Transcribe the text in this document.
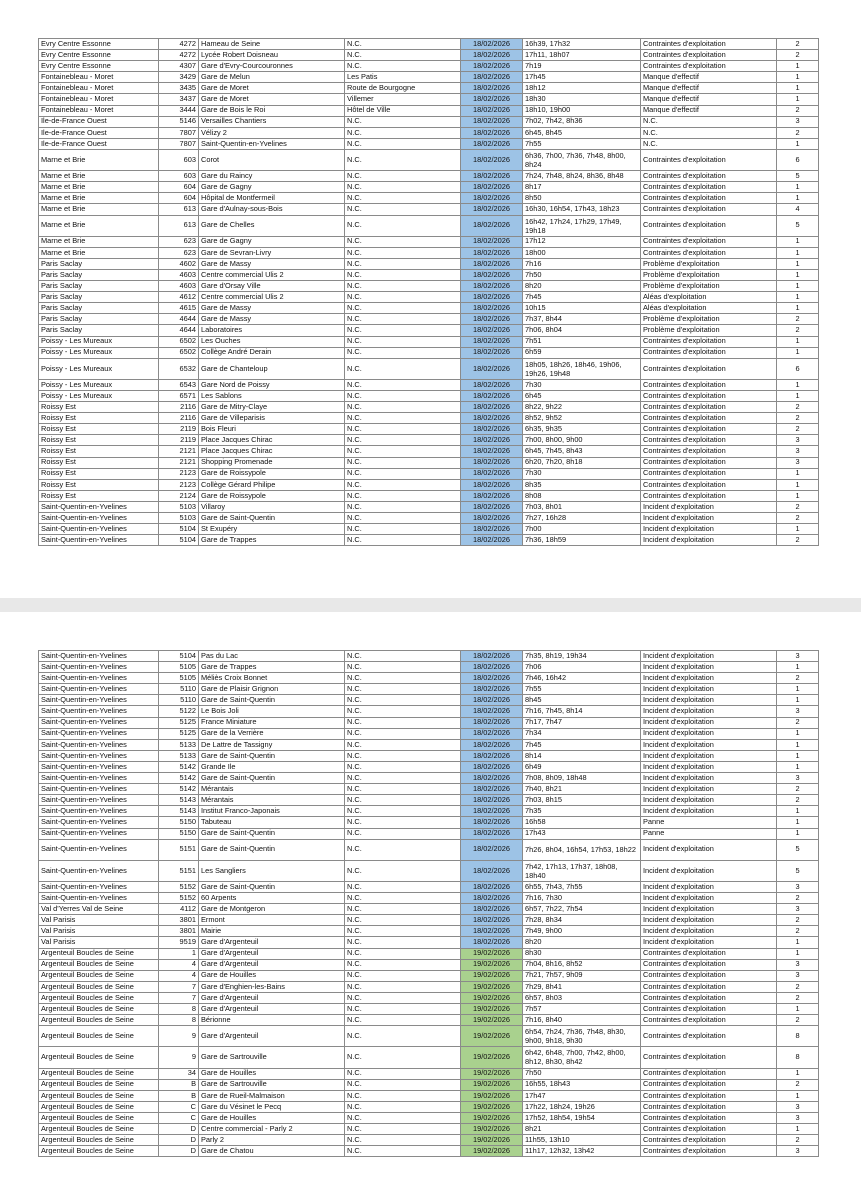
Evry Centre Essonne	4272	Hameau de Seine	N.C.	18/02/2026	16h39, 17h32	Contraintes d'exploitation	2
Evry Centre Essonne	4272	Lycée Robert Doisneau	N.C.	18/02/2026	17h11, 18h07	Contraintes d'exploitation	2
Evry Centre Essonne	4307	Gare d'Evry-Courcouronnes	N.C.	18/02/2026	7h19	Contraintes d'exploitation	1
Fontainebleau - Moret	3429	Gare de Melun	Les Patis	18/02/2026	17h45	Manque d'effectif	1
Fontainebleau - Moret	3435	Gare de Moret	Route de Bourgogne	18/02/2026	18h12	Manque d'effectif	1
Fontainebleau - Moret	3437	Gare de Moret	Villemer	18/02/2026	18h30	Manque d'effectif	1
Fontainebleau - Moret	3444	Gare de Bois le Roi	Hôtel de Ville	18/02/2026	18h10, 19h00	Manque d'effectif	2
Ile-de-France Ouest	5146	Versailles Chantiers	N.C.	18/02/2026	7h02, 7h42, 8h36	N.C.	3
Ile-de-France Ouest	7807	Vélizy 2	N.C.	18/02/2026	6h45, 8h45	N.C.	2
Ile-de-France Ouest	7807	Saint-Quentin-en-Yvelines	N.C.	18/02/2026	7h55	N.C.	1
Marne et Brie	603	Corot	N.C.	18/02/2026	6h36, 7h00, 7h36, 7h48, 8h00, 8h24	Contraintes d'exploitation	6
Marne et Brie	603	Gare du Raincy	N.C.	18/02/2026	7h24, 7h48, 8h24, 8h36, 8h48	Contraintes d'exploitation	5
Marne et Brie	604	Gare de Gagny	N.C.	18/02/2026	8h17	Contraintes d'exploitation	1
Marne et Brie	604	Hôpital de Montfermeil	N.C.	18/02/2026	8h50	Contraintes d'exploitation	1
Marne et Brie	613	Gare d'Aulnay-sous-Bois	N.C.	18/02/2026	16h30, 16h54, 17h43, 18h23	Contraintes d'exploitation	4
Marne et Brie	613	Gare de Chelles	N.C.	18/02/2026	16h42, 17h24, 17h29, 17h49, 19h18	Contraintes d'exploitation	5
Marne et Brie	623	Gare de Gagny	N.C.	18/02/2026	17h12	Contraintes d'exploitation	1
Marne et Brie	623	Gare de Sevran-Livry	N.C.	18/02/2026	18h00	Contraintes d'exploitation	1
Paris Saclay	4602	Gare de Massy	N.C.	18/02/2026	7h16	Problème d'exploitation	1
Paris Saclay	4603	Centre commercial Ulis 2	N.C.	18/02/2026	7h50	Problème d'exploitation	1
Paris Saclay	4603	Gare d'Orsay Ville	N.C.	18/02/2026	8h20	Problème d'exploitation	1
Paris Saclay	4612	Centre commercial Ulis 2	N.C.	18/02/2026	7h45	Aléas d'exploitation	1
Paris Saclay	4615	Gare de Massy	N.C.	18/02/2026	10h15	Aléas d'exploitation	1
Paris Saclay	4644	Gare de Massy	N.C.	18/02/2026	7h37, 8h44	Problème d'exploitation	2
Paris Saclay	4644	Laboratoires	N.C.	18/02/2026	7h06, 8h04	Problème d'exploitation	2
Poissy - Les Mureaux	6502	Les Ouches	N.C.	18/02/2026	7h51	Contraintes d'exploitation	1
Poissy - Les Mureaux	6502	Collège André Derain	N.C.	18/02/2026	6h59	Contraintes d'exploitation	1
Poissy - Les Mureaux	6532	Gare de Chanteloup	N.C.	18/02/2026	18h05, 18h26, 18h46, 19h06, 19h26, 19h48	Contraintes d'exploitation	6
Poissy - Les Mureaux	6543	Gare Nord de Poissy	N.C.	18/02/2026	7h30	Contraintes d'exploitation	1
Poissy - Les Mureaux	6571	Les Sablons	N.C.	18/02/2026	6h45	Contraintes d'exploitation	1
Roissy Est	2116	Gare de Mitry-Claye	N.C.	18/02/2026	8h22, 9h22	Contraintes d'exploitation	2
Roissy Est	2116	Gare de Villeparisis	N.C.	18/02/2026	8h52, 9h52	Contraintes d'exploitation	2
Roissy Est	2119	Bois Fleuri	N.C.	18/02/2026	6h35, 9h35	Contraintes d'exploitation	2
Roissy Est	2119	Place Jacques Chirac	N.C.	18/02/2026	7h00, 8h00, 9h00	Contraintes d'exploitation	3
Roissy Est	2121	Place Jacques Chirac	N.C.	18/02/2026	6h45, 7h45, 8h43	Contraintes d'exploitation	3
Roissy Est	2121	Shopping Promenade	N.C.	18/02/2026	6h20, 7h20, 8h18	Contraintes d'exploitation	3
Roissy Est	2123	Gare de Roissypole	N.C.	18/02/2026	7h30	Contraintes d'exploitation	1
Roissy Est	2123	Collège Gérard Philipe	N.C.	18/02/2026	8h35	Contraintes d'exploitation	1
Roissy Est	2124	Gare de Roissypole	N.C.	18/02/2026	8h08	Contraintes d'exploitation	1
Saint-Quentin-en-Yvelines	5103	Villaroy	N.C.	18/02/2026	7h03, 8h01	Incident d'exploitation	2
Saint-Quentin-en-Yvelines	5103	Gare de Saint-Quentin	N.C.	18/02/2026	7h27, 16h28	Incident d'exploitation	2
Saint-Quentin-en-Yvelines	5104	St Exupéry	N.C.	18/02/2026	7h00	Incident d'exploitation	1
Saint-Quentin-en-Yvelines	5104	Gare de Trappes	N.C.	18/02/2026	7h36, 18h59	Incident d'exploitation	2
Saint-Quentin-en-Yvelines	5104	Pas du Lac	N.C.	18/02/2026	7h35, 8h19, 19h34	Incident d'exploitation	3
Saint-Quentin-en-Yvelines	5105	Gare de Trappes	N.C.	18/02/2026	7h06	Incident d'exploitation	1
Saint-Quentin-en-Yvelines	5105	Méliès Croix Bonnet	N.C.	18/02/2026	7h46, 16h42	Incident d'exploitation	2
Saint-Quentin-en-Yvelines	5110	Gare de Plaisir Grignon	N.C.	18/02/2026	7h55	Incident d'exploitation	1
Saint-Quentin-en-Yvelines	5110	Gare de Saint-Quentin	N.C.	18/02/2026	8h45	Incident d'exploitation	1
Saint-Quentin-en-Yvelines	5122	Le Bois Joli	N.C.	18/02/2026	7h16, 7h45, 8h14	Incident d'exploitation	3
Saint-Quentin-en-Yvelines	5125	France Miniature	N.C.	18/02/2026	7h17, 7h47	Incident d'exploitation	2
Saint-Quentin-en-Yvelines	5125	Gare de la Verrière	N.C.	18/02/2026	7h34	Incident d'exploitation	1
Saint-Quentin-en-Yvelines	5133	De Lattre de Tassigny	N.C.	18/02/2026	7h45	Incident d'exploitation	1
Saint-Quentin-en-Yvelines	5133	Gare de Saint-Quentin	N.C.	18/02/2026	8h14	Incident d'exploitation	1
Saint-Quentin-en-Yvelines	5142	Grande Ile	N.C.	18/02/2026	6h49	Incident d'exploitation	1
Saint-Quentin-en-Yvelines	5142	Gare de Saint-Quentin	N.C.	18/02/2026	7h08, 8h09, 18h48	Incident d'exploitation	3
Saint-Quentin-en-Yvelines	5142	Mérantais	N.C.	18/02/2026	7h40, 8h21	Incident d'exploitation	2
Saint-Quentin-en-Yvelines	5143	Mérantais	N.C.	18/02/2026	7h03, 8h15	Incident d'exploitation	2
Saint-Quentin-en-Yvelines	5143	Institut Franco-Japonais	N.C.	18/02/2026	7h35	Incident d'exploitation	1
Saint-Quentin-en-Yvelines	5150	Tabuteau	N.C.	18/02/2026	16h58	Panne	1
Saint-Quentin-en-Yvelines	5150	Gare de Saint-Quentin	N.C.	18/02/2026	17h43	Panne	1
Saint-Quentin-en-Yvelines	5151	Gare de Saint-Quentin	N.C.	18/02/2026	7h26, 8h04, 16h54, 17h53, 18h22	Incident d'exploitation	5
Saint-Quentin-en-Yvelines	5151	Les Sangliers	N.C.	18/02/2026	7h42, 17h13, 17h37, 18h08, 18h40	Incident d'exploitation	5
Saint-Quentin-en-Yvelines	5152	Gare de Saint-Quentin	N.C.	18/02/2026	6h55, 7h43, 7h55	Incident d'exploitation	3
Saint-Quentin-en-Yvelines	5152	60 Arpents	N.C.	18/02/2026	7h16, 7h30	Incident d'exploitation	2
Val d'Yerres Val de Seine	4112	Gare de Montgeron	N.C.	18/02/2026	6h57, 7h22, 7h54	Incident d'exploitation	3
Val Parisis	3801	Ermont	N.C.	18/02/2026	7h28, 8h34	Incident d'exploitation	2
Val Parisis	3801	Mairie	N.C.	18/02/2026	7h49, 9h00	Incident d'exploitation	2
Val Parisis	9519	Gare d'Argenteuil	N.C.	18/02/2026	8h20	Incident d'exploitation	1
Argenteuil Boucles de Seine	1	Gare d'Argenteuil	N.C.	19/02/2026	8h30	Contraintes d'exploitation	1
Argenteuil Boucles de Seine	4	Gare d'Argenteuil	N.C.	19/02/2026	7h04, 8h16, 8h52	Contraintes d'exploitation	3
Argenteuil Boucles de Seine	4	Gare de Houilles	N.C.	19/02/2026	7h21, 7h57, 9h09	Contraintes d'exploitation	3
Argenteuil Boucles de Seine	7	Gare d'Enghien-les-Bains	N.C.	19/02/2026	7h29, 8h41	Contraintes d'exploitation	2
Argenteuil Boucles de Seine	7	Gare d'Argenteuil	N.C.	19/02/2026	6h57, 8h03	Contraintes d'exploitation	2
Argenteuil Boucles de Seine	8	Gare d'Argenteuil	N.C.	19/02/2026	7h57	Contraintes d'exploitation	1
Argenteuil Boucles de Seine	8	Bérionne	N.C.	19/02/2026	7h16, 8h40	Contraintes d'exploitation	2
Argenteuil Boucles de Seine	9	Gare d'Argenteuil	N.C.	19/02/2026	6h54, 7h24, 7h36, 7h48, 8h30, 9h00, 9h18, 9h30	Contraintes d'exploitation	8
Argenteuil Boucles de Seine	9	Gare de Sartrouville	N.C.	19/02/2026	6h42, 6h48, 7h00, 7h42, 8h00, 8h12, 8h30, 8h42	Contraintes d'exploitation	8
Argenteuil Boucles de Seine	34	Gare de Houilles	N.C.	19/02/2026	7h50	Contraintes d'exploitation	1
Argenteuil Boucles de Seine	B	Gare de Sartrouville	N.C.	19/02/2026	16h55, 18h43	Contraintes d'exploitation	2
Argenteuil Boucles de Seine	B	Gare de Rueil-Malmaison	N.C.	19/02/2026	17h47	Contraintes d'exploitation	1
Argenteuil Boucles de Seine	C	Gare du Vésinet le Pecq	N.C.	19/02/2026	17h22, 18h24, 19h26	Contraintes d'exploitation	3
Argenteuil Boucles de Seine	C	Gare de Houilles	N.C.	19/02/2026	17h52, 18h54, 19h54	Contraintes d'exploitation	3
Argenteuil Boucles de Seine	D	Centre commercial - Parly 2	N.C.	19/02/2026	8h21	Contraintes d'exploitation	1
Argenteuil Boucles de Seine	D	Parly 2	N.C.	19/02/2026	11h55, 13h10	Contraintes d'exploitation	2
Argenteuil Boucles de Seine	D	Gare de Chatou	N.C.	19/02/2026	11h17, 12h32, 13h42	Contraintes d'exploitation	3
